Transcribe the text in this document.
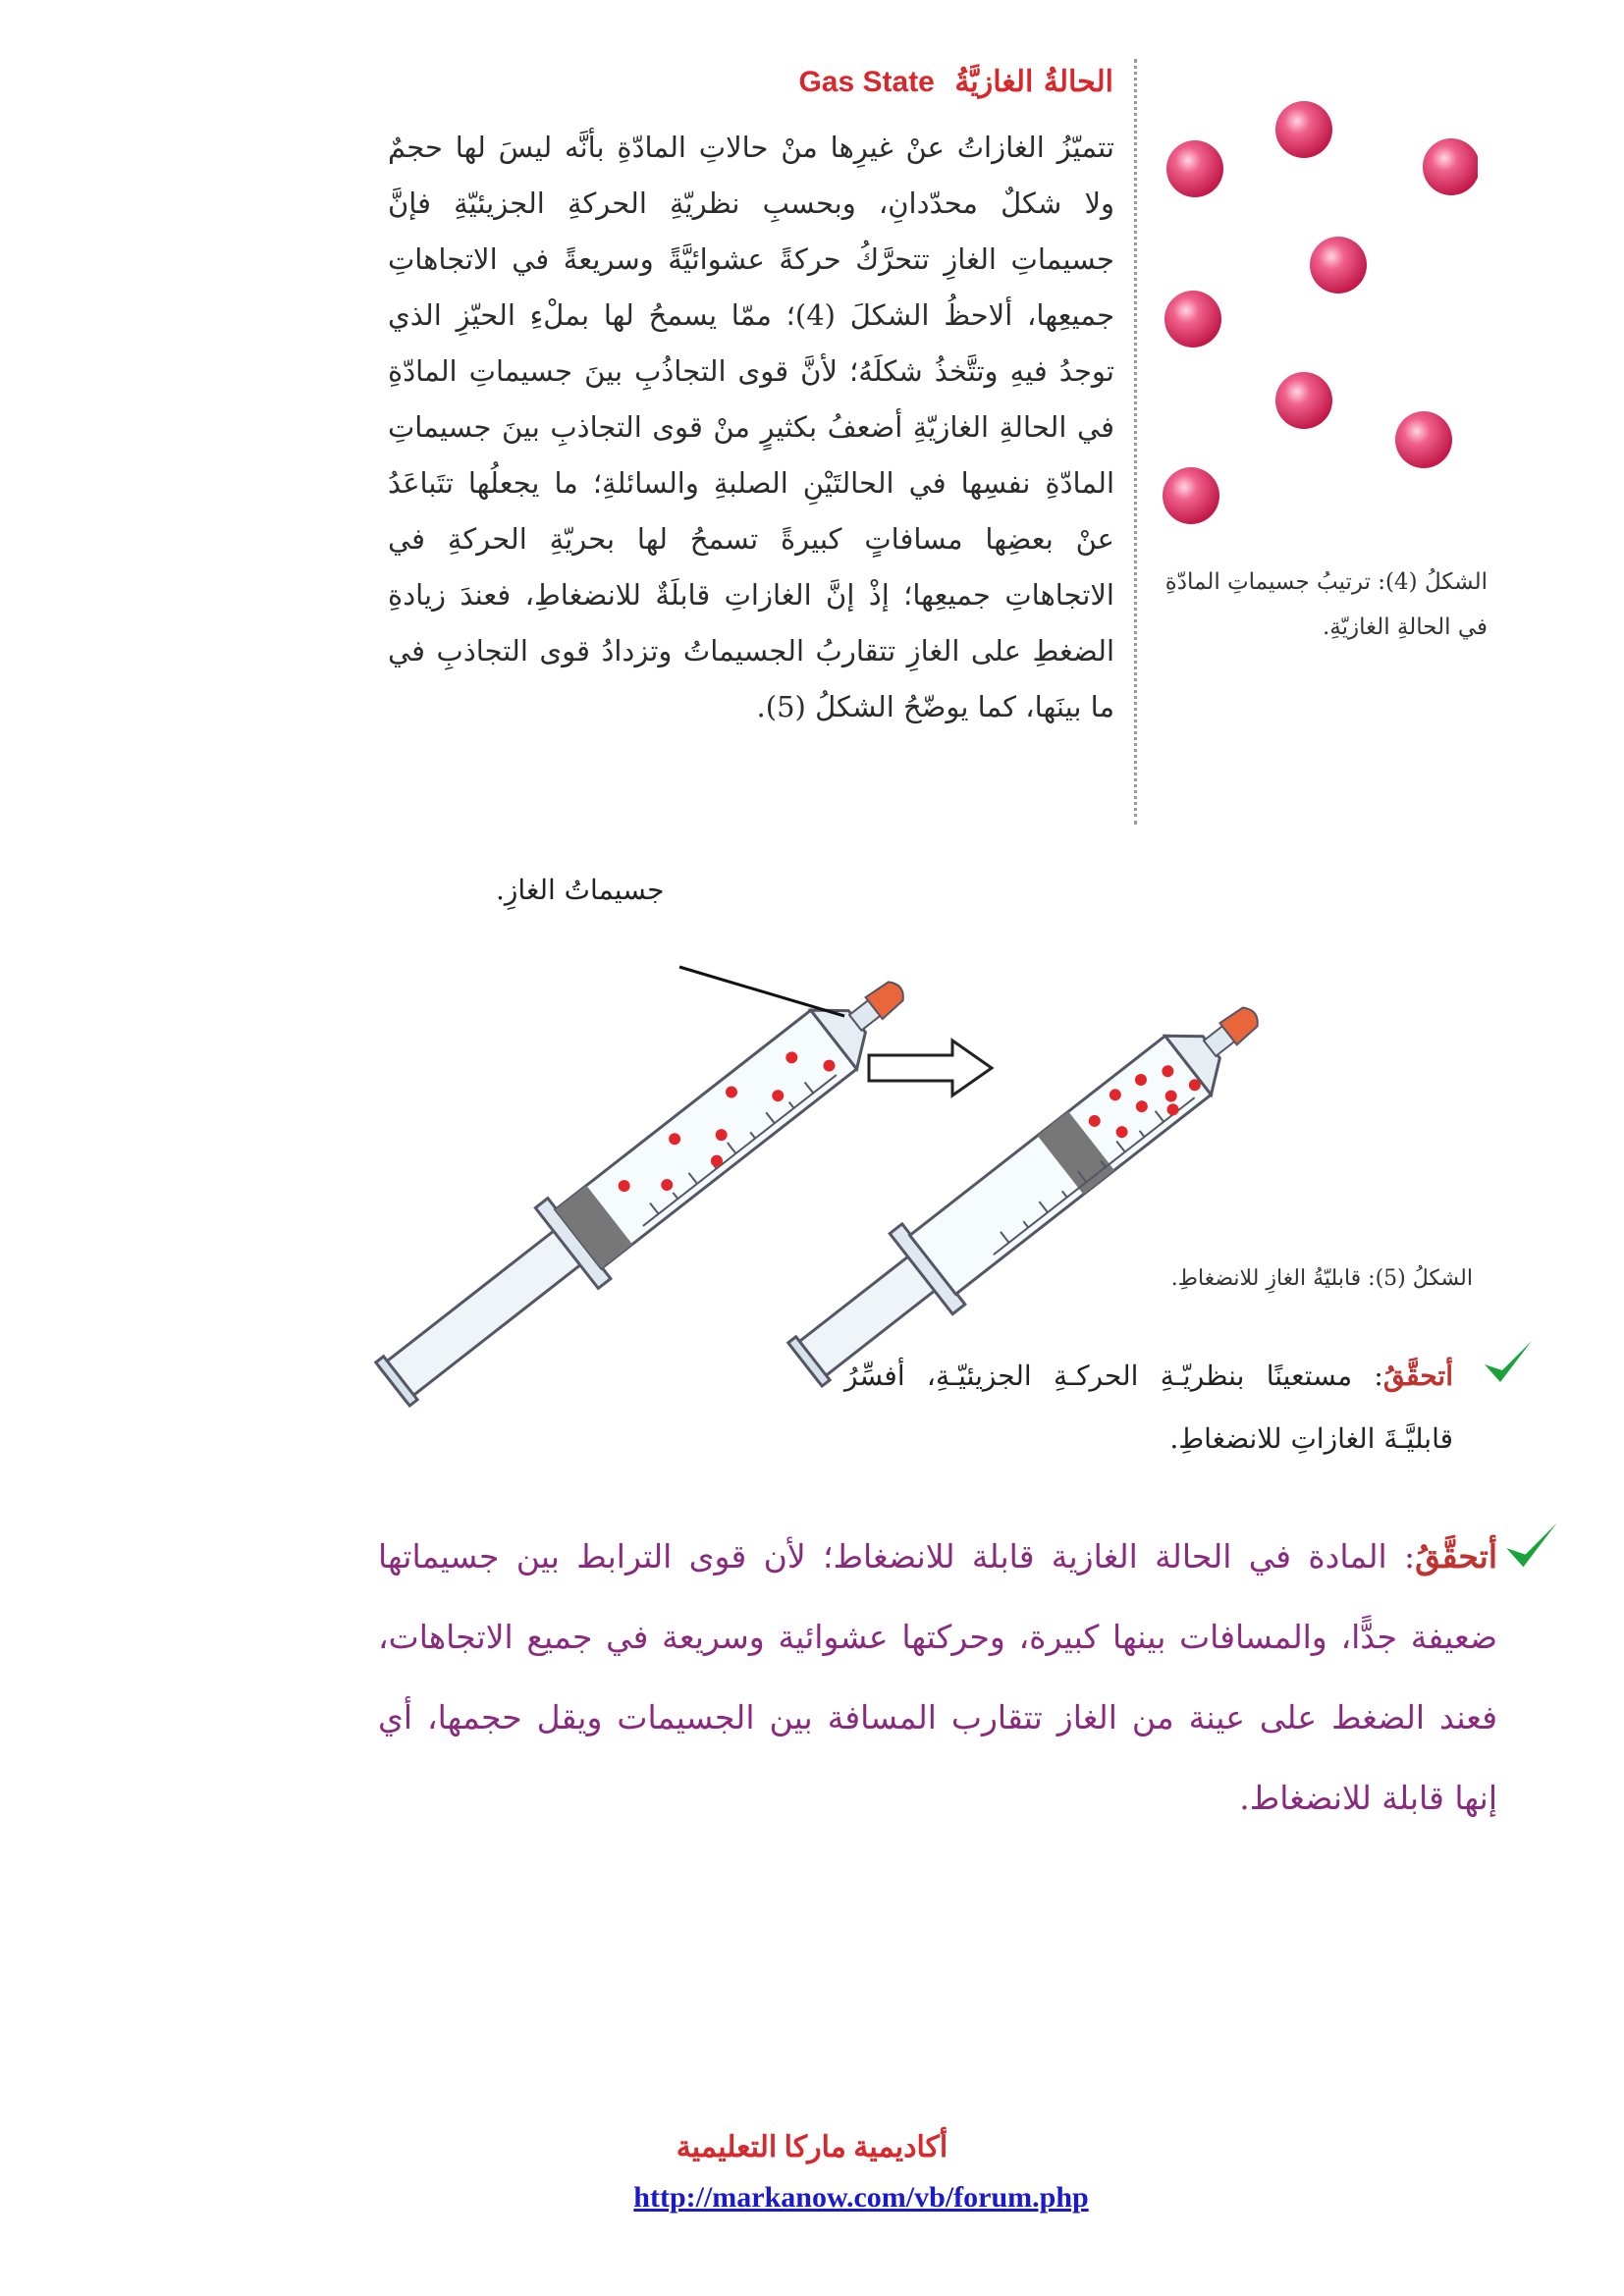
الحالةُ الغازيَّةُ Gas State
تتميّزُ الغازاتُ عنْ غيرِها منْ حالاتِ المادّةِ بأنَّه ليسَ لها حجمٌ ولا شكلٌ محدّدانِ، وبحسبِ نظريّةِ الحركةِ الجزيئيّةِ فإنَّ جسيماتِ الغازِ تتحرَّكُ حركةً عشوائيَّةً وسريعةً في الاتجاهاتِ جميعِها، ألاحظُ الشكلَ (4)؛ ممّا يسمحُ لها بملْءِ الحيّزِ الذي توجدُ فيهِ وتتَّخذُ شكلَهُ؛ لأنَّ قوى التجاذُبِ بينَ جسيماتِ المادّةِ في الحالةِ الغازيّةِ أضعفُ بكثيرٍ منْ قوى التجاذبِ بينَ جسيماتِ المادّةِ نفسِها في الحالتَيْنِ الصلبةِ والسائلةِ؛ ما يجعلُها تتَباعَدُ عنْ بعضِها مسافاتٍ كبيرةً تسمحُ لها بحريّةِ الحركةِ في الاتجاهاتِ جميعِها؛ إذْ إنَّ الغازاتِ قابلَةٌ للانضغاطِ، فعندَ زيادةِ الضغطِ على الغازِ تتقاربُ الجسيماتُ وتزدادُ قوى التجاذبِ في ما بينَها، كما يوضّحُ الشكلُ (5).
الشكلُ (4): ترتيبُ جسيماتِ المادّةِ في الحالةِ الغازيّةِ.
جسيماتُ الغازِ.
الشكلُ (5): قابليّةُ الغازِ للانضغاطِ.
أتحقَّقُ: مستعينًا بنظريّـةِ الحركـةِ الجزيئيّـةِ، أفسِّرُ قابليَّـةَ الغازاتِ للانضغاطِ.
أتحقَّقُ: المادة في الحالة الغازية قابلة للانضغاط؛ لأن قوى الترابط بين جسيماتها ضعيفة جدًّا، والمسافات بينها كبيرة، وحركتها عشوائية وسريعة في جميع الاتجاهات، فعند الضغط على عينة من الغاز تتقارب المسافة بين الجسيمات ويقل حجمها، أي إنها قابلة للانضغاط.
أكاديمية ماركا التعليمية
http://markanow.com/vb/forum.php
